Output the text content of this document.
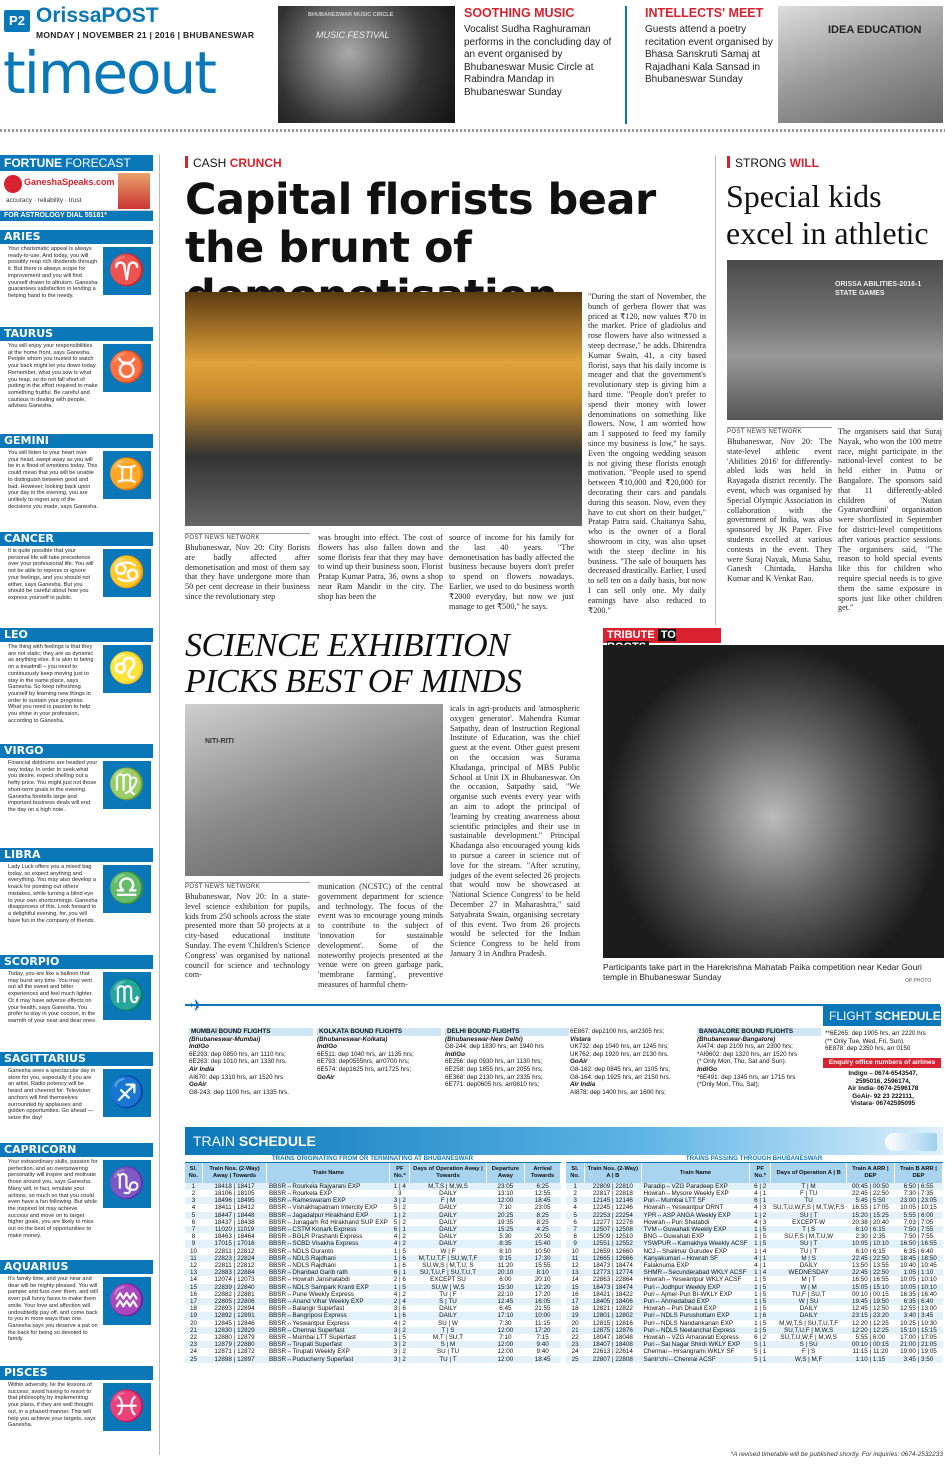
P2 OrissaPOST
MONDAY | NOVEMBER 21 | 2016 | BHUBANESWAR
timeout
BHUBANESWAR MUSIC CIRCLE
MUSIC FESTIVAL
SOOTHING MUSIC
Vocalist Sudha Raghuraman performs in the concluding day of an event organised by Bhubaneswar Music Circle at Rabindra Mandap in Bhubaneswar Sunday
INTELLECTS' MEET
Guests attend a poetry recitation event organised by Bhasa Sanskruti Samaj at Rajadhani Kala Sansad in Bhubaneswar Sunday
IDEA EDUCATION
FORTUNE FORECAST
GaneshaSpeaks.com
accuracy · reliability · trust
FOR ASTROLOGY DIAL 55181*
ARIES
Your charismatic appeal is always ready-to-use. And today, you will possibly reap rich dividends through it. But there is always scope for improvement and you will find yourself drawn to altruism. Ganesha guarantees satisfaction in lending a helping hand to the needy.
♈
TAURUS
You will enjoy your responsibilities at the home front, says Ganesha. People whom you trusted to watch your back might let you down today. Remember, what you sow is what you reap, so do not fall short of putting in the effort required to make something fruitful. Be careful and cautious in dealing with people, advises Ganesha.
♉
GEMINI
You will listen to your heart over your head, swept away as you will be in a flood of emotions today. This could mean that you will be unable to distinguish between good and bad. However, looking back upon your day in the evening, you are unlikely to regret any of the decisions you made, says Ganesha.
♊
CANCER
It is quite possible that your personal life will take precedence over your professional life. You will not be able to repress or ignore your feelings, and you should not either, says Ganesha. But you should be careful about how you express yourself in public.
♋
LEO
The thing with feelings is that they are not static; they are as dynamic as anything else. It is akin to being on a treadmill – you need to continuously keep moving just to stay in the same place, says Ganesha. So keep refreshing yourself by learning new things in order to sustain your progress. What you need is passion to help you shine in your profession, according to Ganesha.
♌
VIRGO
Financial doldrums are headed your way today. In order to seek what you desire, expect shelling out a hefty price. You might just not those short-term goals in the evening. Ganesha foretells large and important business deals will end the day on a high note.
♍
LIBRA
Lady Luck offers you a mixed bag today, so expect anything and everything. You may also develop a knack for pointing out others' mistakes, while turning a blind eye to your own shortcomings. Ganesha disapproves of this. Look forward to a delightful evening, for, you will have fun in the company of friends.
♎
SCORPIO
Today, you are like a balloon that may burst any time. You may vent out all the sweet and bitter experiences and feel much lighter. Or it may have adverse effects on your health, says Ganesha. You prefer to stay in your cocoon, in the warmth of your near and dear ones.
♏
SAGITTARIUS
Ganesha sees a spectacular day in store for you, especially if you are an artist. Radio potency will be heard and cheered for. Television anchors will find themselves surrounded by applauses and golden opportunities. Go ahead — seize the day!
♐
CAPRICORN
Your extraordinary skills, passion for perfection, and an overpowering personality will inspire and motivate those around you, says Ganesha. Many will, in fact, emulate your actions, so much so that you could even have a fan following. But while the inspired lot may achieve success and move on to target higher goals, you are likely to miss out on the best of opportunities to make money.
♑
AQUARIUS
It's family time, and your near and dear will be mighty pleased. You will pamper and fuss over them, and will even pull funny faces to make them smile. Your love and affection will undoubtedly pay off, and come back to you in more ways than one. Ganesha says you deserve a pat on the back for being so devoted to family.
♒
PISCES
Within adversity, lie the lessons of success; avoid having to resort to that philosophy by implementing your plans, if they are well thought out, in a phased manner. This will help you achieve your targets, says Ganesha.
♓
CASH CRUNCH
Capital florists bear the brunt of
POST NEWS NETWORK
Bhubaneswar, Nov 20: City florists are badly affected after demonetisation and most of them say that they have undergone more than 50 per cent decrease in their business since the revolutionary step
was brought into effect. The cost of flowers has also fallen down and some florists fear that they may have to wind up their business soon. Florist Pratap Kumar Patra, 36, owns a shop near Ram Mandir in the city. The shop has been the
source of income for his family for the last 40 years. "The demonetisation has badly affected the business because buyers don't prefer to spend on flowers nowadays. Earlier, we used to do business worth ₹2000 everyday, but now we just manage to get ₹500," he says.
"During the start of November, the bunch of gerbera flower that was priced at ₹120, now values ₹70 in the market. Price of gladiolus and rose flowers have also witnessed a steep decrease," he adds. Dhirendra Kumar Swain, 41, a city based florist, says that his daily income is meager and that the government's revolutionary step is giving him a hard time. "People don't prefer to spend their money with lower denominations on something like flowers. Now, I am worried how am I supposed to feed my family since my business is low," he says. Even the ongoing wedding season is not giving these florists enough motivation. "People used to spend between ₹10,000 and ₹20,000 for decorating their cars and pandals during this season. Now, even they have to cut short on their budget," Pratap Patra said. Chaitanya Sahu, who is the owner of a floral showroom in city, was also upset with the steep decline in his business. "The sale of bouquets has decreased drastically. Earlier, I used to sell ten on a daily basis, but now I can sell only one. My daily earnings have also reduced to ₹200."
STRONG WILL
Special kids excel in athletic
ORISSA ABILITIES-2016-1 STATE GAMES
POST NEWS NETWORK
Bhubaneswar, Nov 20: The state-level athletic event 'Abilities 2016' for differently-abled kids was held in Rayagada district recently. The event, which was organised by Special Olympic Association in collaboration with the government of India, was also sponsored by JK Paper. Five students excelled at various contests in the event. They were Suraj Nayak, Muna Sahu, Ganesh Chintada, Harsha Kumar and K Venkat Rao.
The organisers said that Suraj Nayak, who won the 100 metre race, might participate in the national-level contest to be held either in Patna or Bangalore. The sponsors said that 11 differently-abled children of 'Nutan Gyanavardhini' organisation were shortlisted in September for district-level competitions after various practice sessions. The organisers said, "The reason to hold special events like this for children who require special needs is to give them the same exposure in sports just like other children get."
SCIENCE EXHIBITION PICKS BEST OF MINDS
NITI-RITI
POST NEWS NETWORK
Bhubaneswar, Nov 20: In a state-level science exhibition for pupils, kids from 250 schools across the state presented more than 50 projects at a city-based educational institute Sunday. The event 'Children's Science Congress' was organised by national council for science and technology com-
munication (NCSTC) of the central government department for science and technology. The focus of the event was to encourage young minds to contribute to the subject of 'innovation for sustainable development'. Some of the noteworthy projects presented at the venue were on green garbage park, 'membrane farming', preventive measures of harmful chem-
icals in agri-products and 'atmospheric oxygen generator'. Mahendra Kumar Satpathy, dean of Instruction Regional Institute of Education, was the chief guest at the event. Other guest present on the occasion was Surama Khadanga, principal of MBS Public School at Unit IX in Bhubaneswar. On the occasion, Satpathy said, "We organise such events every year with an aim to adopt the principal of 'learning by creating awareness about scientific principles and their use in sustainable development." Principal Khadanga also encouraged young kids to pursue a career in science out of love for the stream. "After scrutiny, judges of the event selected 26 projects that would now be showcased at 'National Science Congress' to be held December 27 in Maharashtra," said Satyabrata Swain, organising secretary of this event. Two from 26 projects would be selected for the Indian Science Congress to be held from January 3 in Andhra Pradesh.
TRIBUTE TO
Participants take part in the Harekrishna Mahatab Paika competition near Kedar Gouri temple in Bhubaneswar Sunday	OP PHOTO
✈
MUMBAI BOUND FLIGHTS
(Bhubaneswar-Mumbai)
IndiGo
6E293: dep 0850 hrs, arr 1110 hrs;
6E263: dep 1010 hrs, arr 1330 hrs.
Air India
AI670: dep 1310 hrs, arr 1520 hrs
GoAir
G8-243: dep 1100 hrs, arr 1335 hrs.
KOLKATA BOUND FLIGHTS
(Bhubaneswar-Kolkata)
IndiGo
6E511: dep 1040 hrs, arr 1135 hrs;
6E793: dep0555hrs, arr0700 hrs;
6E574: dep1625 hrs, arr1725 hrs;
GoAir
DELHI BOUND FLIGHTS
(Bhubaneswar-New Delhi)
G8-244: dep 1830 hrs, arr 1940 hrs
IndiGo
6E256: dep 0930 hrs, arr 1130 hrs;
6E258: dep 1855 hrs, arr 2055 hrs;
6E368: dep 2130 hrs, arr 2335 hrs;
6E771: dep0605 hrs, arr0810 hrs;
6E867: dep2100 hrs, arr2305 hrs;
Vistara
UK732: dep 1040 hrs, arr 1245 hrs;
UK762: dep 1920 hrs, arr 2130 hrs.
GoAir
G8-162: dep 0845 hrs, arr 1105 hrs;
G8-164: dep 1925 hrs, arr 2150 hrs.
Air India
AI878: dep 1400 hrs, arr 1600 hrs;
BANGALORE BOUND FLIGHTS
(Bhubaneswar-Bangalore)
AI474: dep 2100 hrs, arr 2300 hrs;
*AI9602: dep 1320 hrs, arr 1520 hrs
(* Only Mon, Thu, Sat and Sun).
IndiGo
*6E491: dep 1345 hrs, arr 1715 hrs
(*Only Mon, Thu, Sat);
FLIGHT SCHEDULE
**6E265: dep 1905 hrs, arr 2220 hrs
(** Only Tue, Wed, Fri, Sun).
6E878: dep 2350 hrs, arr 0150
Enquiry office numbers of airlines
Indigo – 0674-6543547,
2595016, 2596174,
Air India- 0674-2596178
GoAir- 92 23 222111,
Vistara- 06742595095
TRAIN SCHEDULE
TRAINS ORIGINATING FROM OR TERMINATING AT BHUBANESWAR						
Sl. No.	Train Nos. (2-Way) Away | Towards	Train Name	PF No.*	Days of Operation Away | Towards	Departure Away	Arrival Towards
1	18418 | 18417	BBSR↔Rourkela Rajyarani EXP	1 | 4	M,T,S | M,W,S	23:05	6:25
2	18106 | 18105	BBSR↔Rourkela EXP	3	DAILY	13:10	12:55
3	18496 | 18495	BBSR↔Rameswaram EXP	3 | 2	F | M	12:00	18:45
4	18411 | 18412	BBSR↔Vishakhapatnam Intercity EXP	5 | 2	DAILY	7:10	23:05
5	18447 | 18448	BBSR↔Jagadalpur Hirakhand EXP	1 | 2	DAILY	20:25	8:25
6	18437 | 18438	BBSR↔Junagarh Rd Hirakhand SUP EXP	5 | 2	DAILY	19:35	8:25
7	11020 | 11019	BBSR↔CSTM Konark Express	6 | 1	DAILY	15:25	4:25
8	18463 | 18464	BBSR↔BGLR Prashanti Express	4 | 2	DAILY	5:30	20:50
9	17015 | 17016	BBSR↔SCBD Visakha Express	4 | 2	DAILY	8:35	15:40
10	22811 | 22812	BBSR↔NDLS Duranto	1 | 5	W | F	8:10	10:50
11	22823 | 22824	BBSR↔NDLS Rajdhani	1 | 6	M,T,U,T,F | SU,W,T,F	9:15	17:30
12	22811 | 22812	BBSR↔NDLS Rajdhani	1 | 6	SU,W,S | M,T,U, S	11:20	15:55
13	22883 | 22884	BBSR↔Dhanbad Garib rath	6 | 1	SU,T,U,F | SU,T,U,T	20:10	8:10
14	12074 | 12073	BBSR↔Howrah Janshatabdi	2 | 6	EXCEPT SU	6:00	20:10
15	22839 | 22840	BBSR↔NDLS Sampark Kranti EXP	1 | 5	SU,W | W,S	15:30	12:20
16	22882 | 22881	BBSR↔Pune Weekly Express	4 | 2	TU | F	22:10	17:20
17	22805 | 22806	BBSR↔Anand Vihar Weekly EXP	2 | 4	S | TU	12:45	16:05
18	22893 | 22894	BBSR↔Balangir Superfast	3 | 6	DAILY	6:45	21:55
19	12892 | 12891	BBSR↔Bangriposi Express	1 | 6	DAILY	17:10	10:00
20	12845 | 12846	BBSR↔Yeswantpur Express	4 | 2	SU | W	7:30	11:15
21	12830 | 12829	BBSR↔Chennai Superfast	3 | 2	T | S	12:00	17:20
22	12880 | 12879	BBSR↔Mumbai LTT Superfast	1 | 5	M,T | SU,T	7:10	7:15
23	12879 | 22880	BBSR↔Tirupati Superfast	3 | 2	S | M	12:00	9:40
24	12871 | 12872	BBSR↔Tirupati Weekly EXP	3 | 2	SU | TU	12:00	9:40
25	12898 | 12897	BBSR↔Puducherry Superfast	3 | 2	TU | T	12:00	18:45
TRAINS PASSING THROUGH BHUBANESWAR						
Sl. No.	Train Nos. (2-Way) A | B	Train Name	PF No.*	Days of Operation A | B	Train A ARR | DEP	Train B ARR | DEP
1	22809 | 22810	Paradip↔VZG Paradeep EXP	6 | 2	T | M	00:45 | 00:50	6:50 | 6:55
2	22817 | 22818	Howrah↔Mysore Weekly EXP	4 | 1	F | TU	22:45 | 22:50	7:30 | 7:35
3	12145 | 12146	Puri↔Mumbai LTT SF	6 | 1	TU	5:45 | 5:50	23:00 | 23:05
4	12245 | 12246	Howrah↔Yeswantpur DRNT	4 | 3	SU,T,U,W,F,S | M,T,W,F,S	16:55 | 17:05	10:05 | 10:15
5	22253 | 22254	YPR↔ASP ANGA Weekly EXP	1 | 2	SU | T	15:20 | 15:25	5:55 | 6:00
6	12277 | 12278	Howrah↔Puri Shatabdi	4 | 3	EXCEPT-W	20:38 | 20:40	7:03 | 7:05
7	12507 | 12508	TVM↔Guwahati Weekly EXP	1 | 5	T | S	6:10 | 6:15	7:50 | 7:55
8	12509 | 12510	BNG↔Guwahati EXP	1 | 5	SU,F,S | M,T,U,W	2:30 | 2:35	7:50 | 7:55
9	12551 | 12552	YSWPUR↔Kamakhya Weekly ACSF	1 | 5	SU | T	10:05 | 10:10	16:50 | 16:55
10	12659 | 12660	NCJ↔Shalimar Gurudev EXP	1 | 4	TU | T	6:10 | 6:15	6:35 | 6:40
11	12665 | 12666	Kanyakumari↔Howrah SF	4 | 1	M | S	22:45 | 22:50	18:45 | 18:50
12	18473 | 18474	Falaknuma EXP	4 | 1	DAILY	13:50 | 13:55	10:40 | 10:45
13	12773 | 12774	SHMR↔Secunderabad WKLY ACSF	1 | 4	WEDNESDAY	22:45 | 22:50	1:05 | 1:10
14	22863 | 22864	Howrah↔Yeswantpur WKLY ACSF	1 | 5	M | T	16:50 | 16:55	10:05 | 10:10
15	18473 | 18474	Puri↔Jodhpur Weekly EXP	1 | 5	W | M	15:05 | 15:10	10:05 | 10:10
16	18421 | 18422	Puri↔Ajmer-Puri BI-WKLY EXP	1 | 5	TU,F | SU,T	00:10 | 00:15	16:35 | 16:40
17	18405 | 18406	Puri↔Ahmedabad EXP	1 | 5	W | SU	19:45 | 19:50	6:35 | 6:40
18	12821 | 12822	Howrah↔Puri Dhauli EXP	1 | 5	DAILY	12:45 | 12:50	12:55 | 13:00
19	12801 | 12802	Puri↔NDLS Purushottam EXP	1 | 6	DAILY	23:15 | 23:20	3:40 | 3:45
20	12815 | 12816	Puri↔NDLS Nandankanan EXP	1 | 5	M,W,T,S | SU,T,U,T,F	12:20 | 12:25	10:25 | 10:30
21	12875 | 12876	Puri↔NDLS Neelanchal Express	1 | 5	SU,T,U,F | M,W,S	12:20 | 12:25	15:10 | 15:15
22	18047 | 18048	Howrah↔VZG Amaravati Express	6 | 2	SU,T,U,W,F | M,W,S	5:55 | 6:00	17:00 | 17:05
23	18407 | 18408	Puri↔Sai Nagar Shirdi WKLY EXP	5 | 1	S | SU	00:10 | 00:15	21:00 | 21:05
24	22613 | 22614	Chennai↔Hrsangrami WKLY SF	5 | 1	F | S	11:15 | 11:20	19:00 | 19:05
25	22807 | 22808	Santr'chi↔Chennai ACSF	5 | 1	W,S | M,F	1:10 | 1:15	3:45 | 3:50
*A revised timetable will be published shortly. For inquiries: 0674-2532233
